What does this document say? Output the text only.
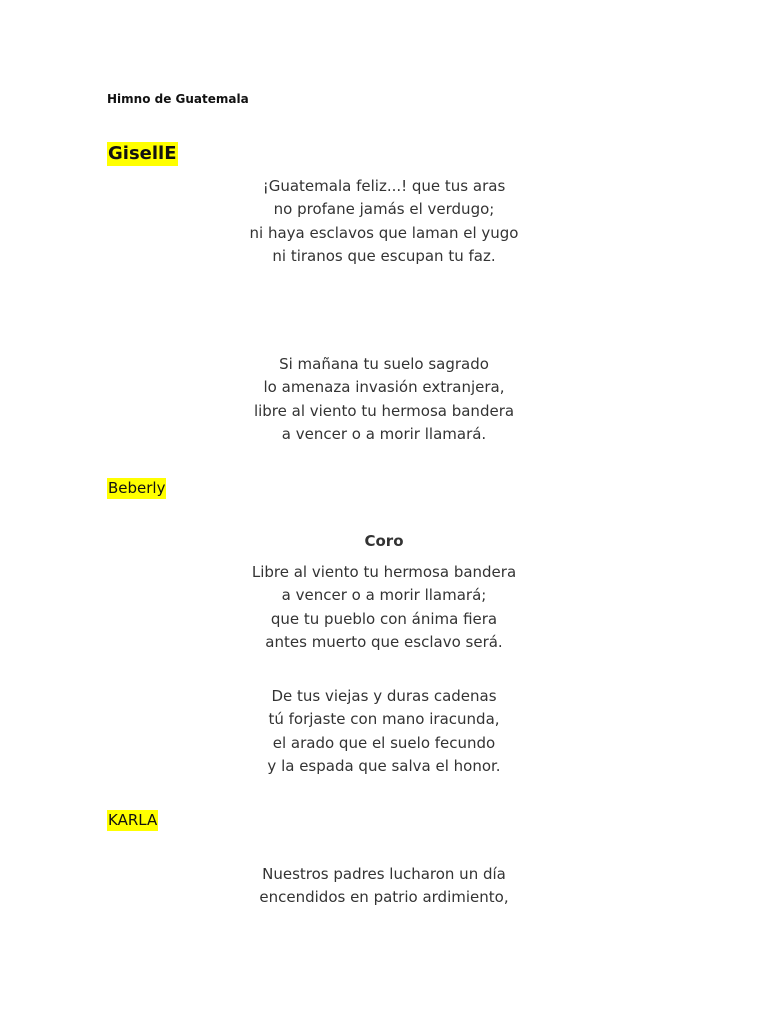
Himno de Guatemala
GisellE
¡Guatemala feliz...! que tus aras
no profane jamás el verdugo;
ni haya esclavos que laman el yugo
ni tiranos que escupan tu faz.
Si mañana tu suelo sagrado
lo amenaza invasión extranjera,
libre al viento tu hermosa bandera
a vencer o a morir llamará.
Beberly
Coro
Libre al viento tu hermosa bandera
a vencer o a morir llamará;
que tu pueblo con ánima fiera
antes muerto que esclavo será.
De tus viejas y duras cadenas
tú forjaste con mano iracunda,
el arado que el suelo fecundo
y la espada que salva el honor.
KARLA
Nuestros padres lucharon un día
encendidos en patrio ardimiento,
